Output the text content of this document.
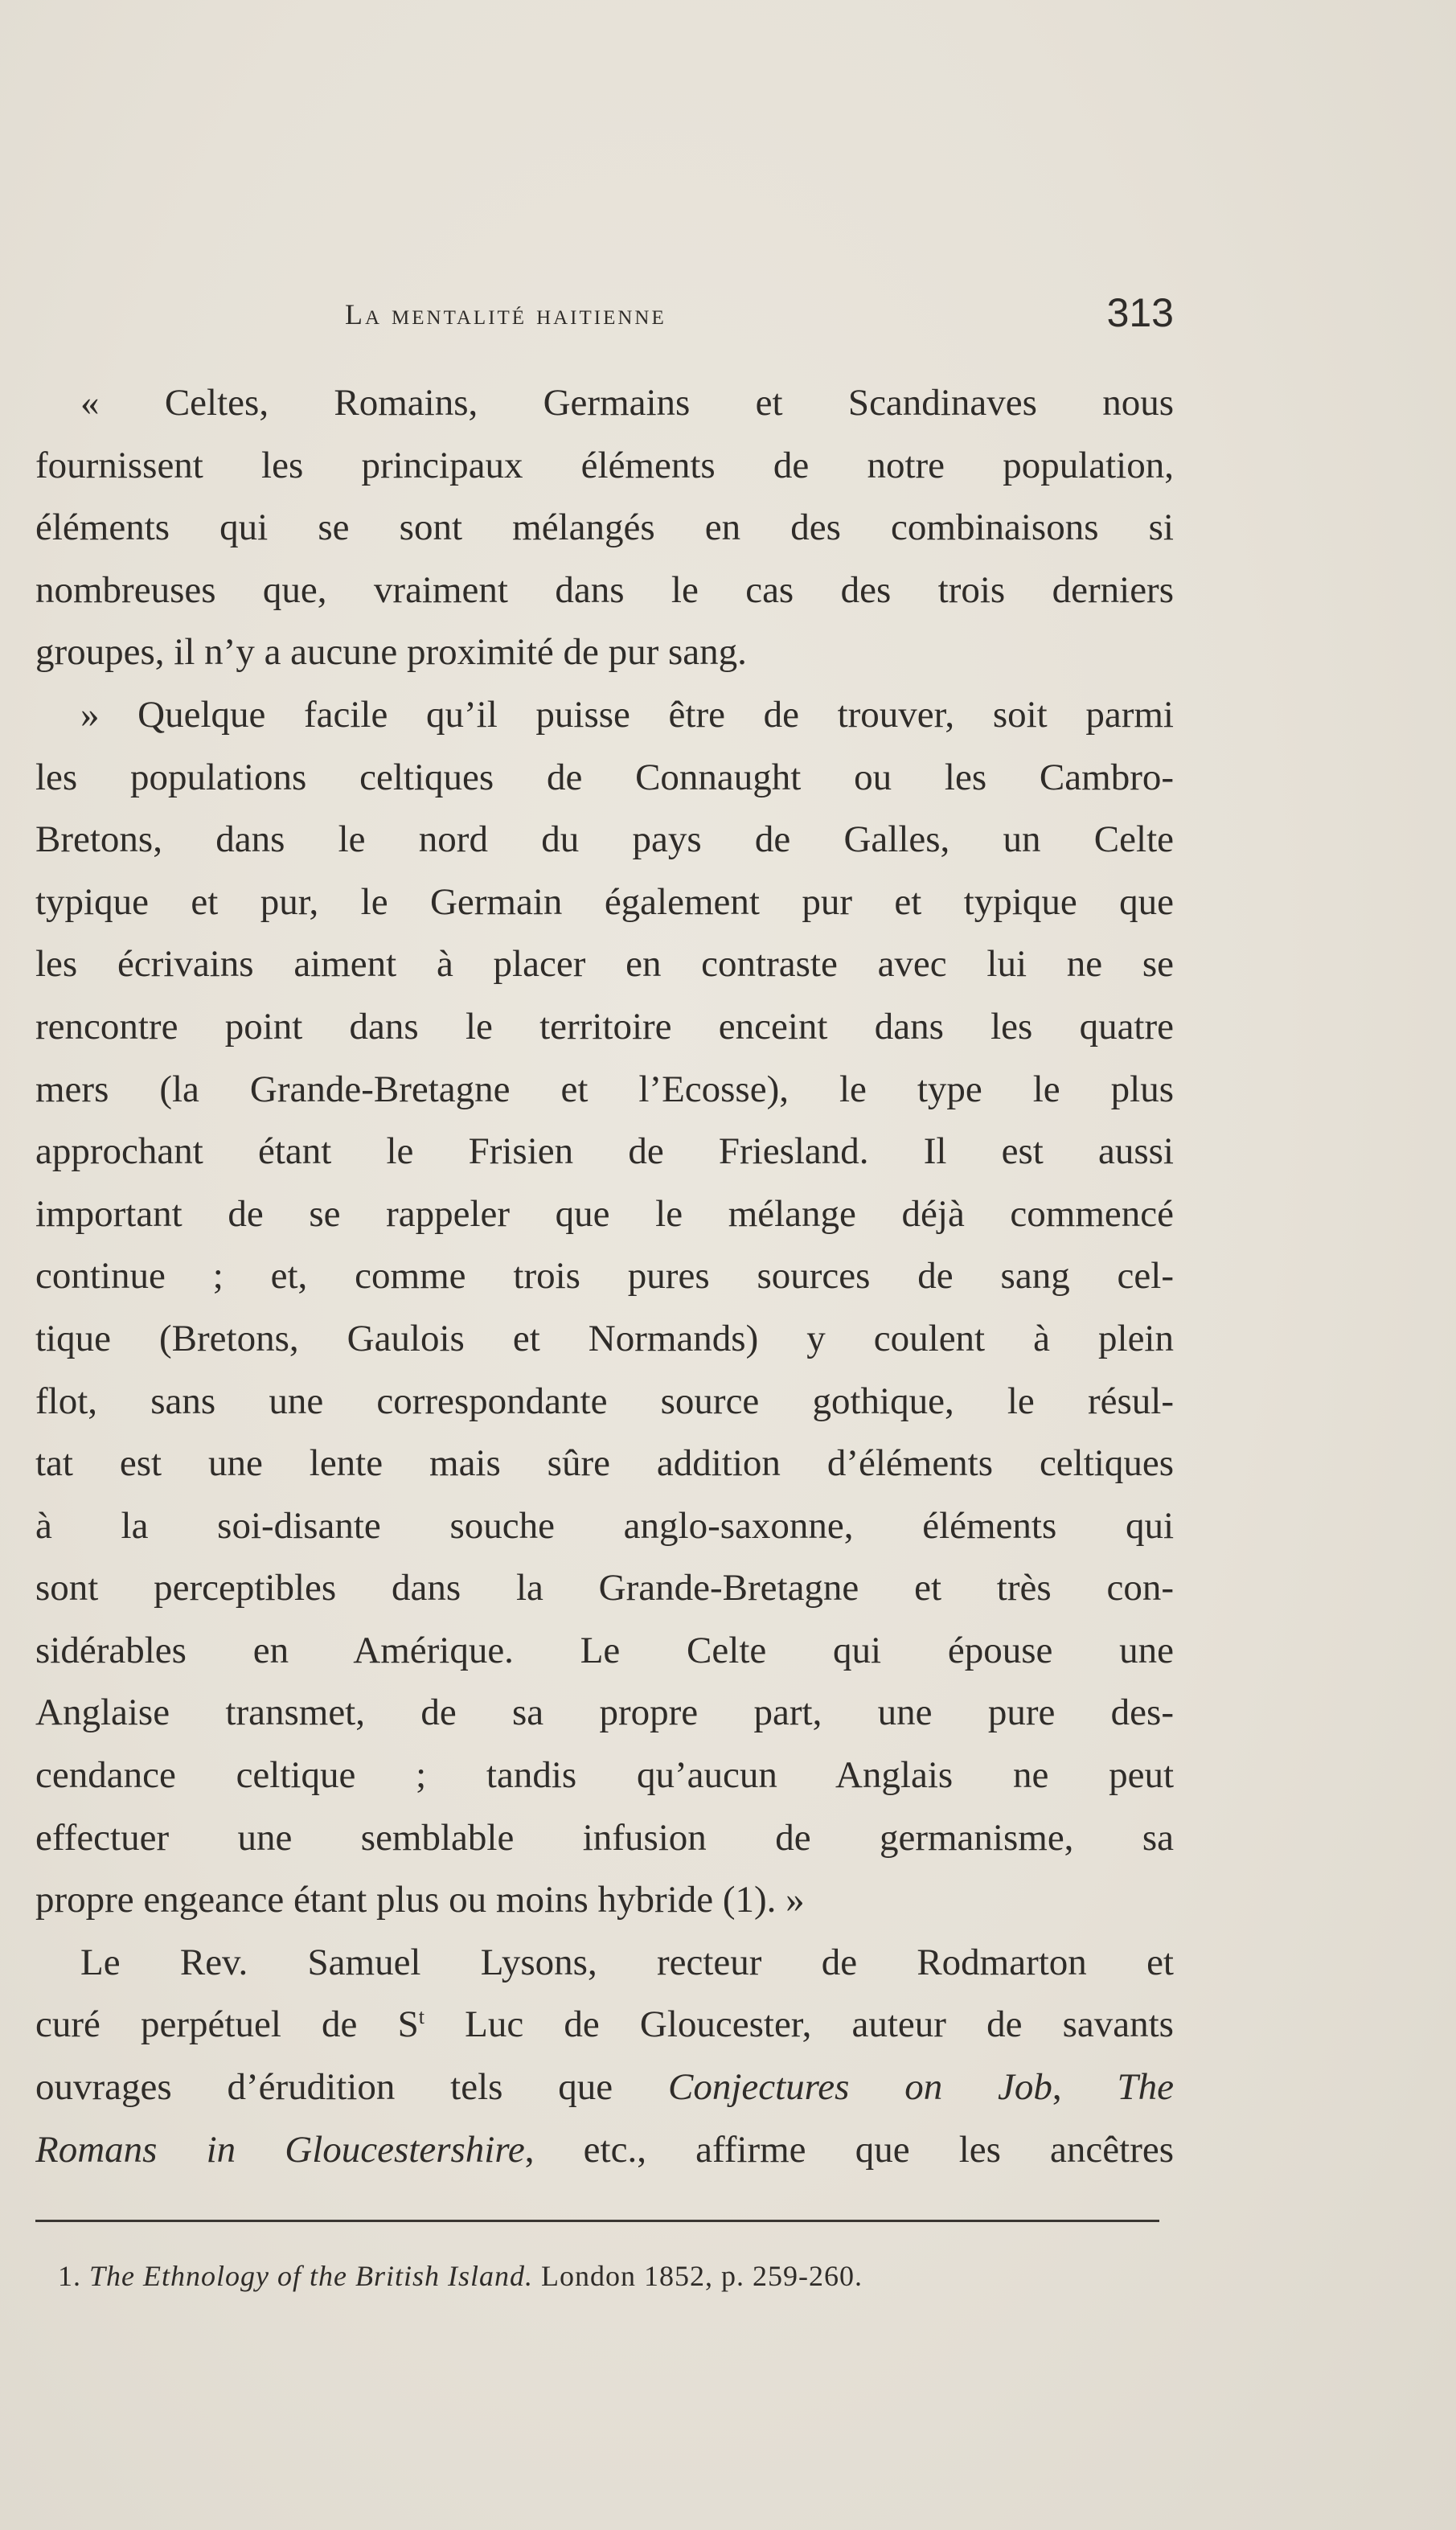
La mentalité haitienne	313
« Celtes, Romains, Germains et Scandinaves nous
fournissent les principaux éléments de notre population,
éléments qui se sont mélangés en des combinaisons si
nombreuses que, vraiment dans le cas des trois derniers
groupes, il n’y a aucune proximité de pur sang.
» Quelque facile qu’il puisse être de trouver, soit parmi
les populations celtiques de Connaught ou les Cambro-
Bretons, dans le nord du pays de Galles, un Celte
typique et pur, le Germain également pur et typique que
les écrivains aiment à placer en contraste avec lui ne se
rencontre point dans le territoire enceint dans les quatre
mers (la Grande-Bretagne et l’Ecosse), le type le plus
approchant étant le Frisien de Friesland. Il est aussi
important de se rappeler que le mélange déjà commencé
continue ; et, comme trois pures sources de sang cel-
tique (Bretons, Gaulois et Normands) y coulent à plein
flot, sans une correspondante source gothique, le résul-
tat est une lente mais sûre addition d’éléments celtiques
à la soi-disante souche anglo-saxonne, éléments qui
sont perceptibles dans la Grande-Bretagne et très con-
sidérables en Amérique. Le Celte qui épouse une
Anglaise transmet, de sa propre part, une pure des-
cendance celtique ; tandis qu’aucun Anglais ne peut
effectuer une semblable infusion de germanisme, sa
propre engeance étant plus ou moins hybride (1). »
Le Rev. Samuel Lysons, recteur de Rodmarton et
curé perpétuel de $S^t$ Luc de Gloucester, auteur de savants
ouvrages d’érudition tels que Conjectures on Job, The
Romans in Gloucestershire, etc., affirme que les ancêtres
1. The Ethnology of the British Island. London 1852, p. 259-260.
